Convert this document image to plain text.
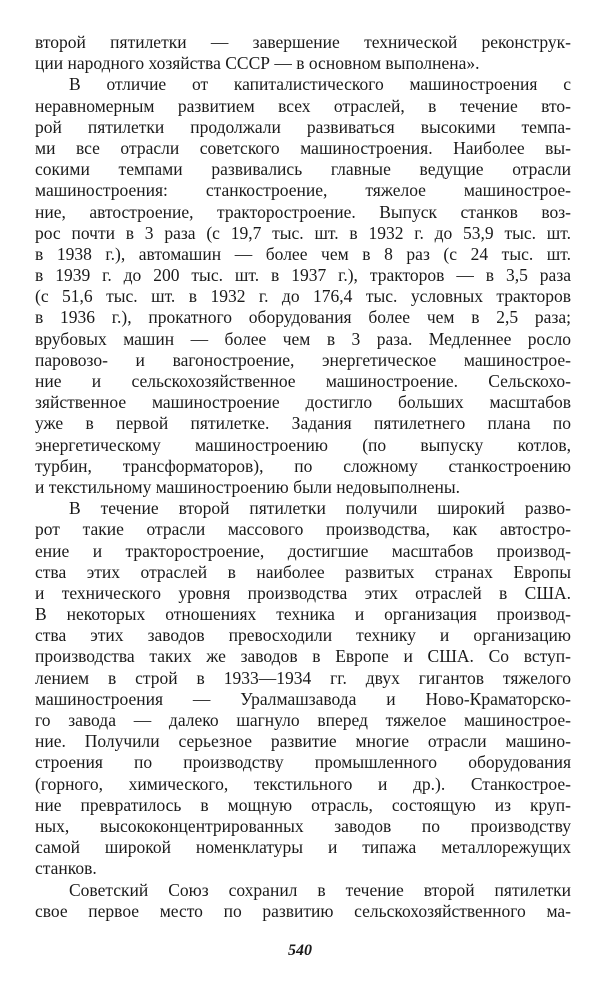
второй пятилетки — завершение технической реконструк-
ции народного хозяйства СССР — в основном выполнена».
В отличие от капиталистического машиностроения с
неравномерным развитием всех отраслей, в течение вто-
рой пятилетки продолжали развиваться высокими темпа-
ми все отрасли советского машиностроения. Наиболее вы-
сокими темпами развивались главные ведущие отрасли
машиностроения: станкостроение, тяжелое машинострое-
ние, автостроение, тракторостроение. Выпуск станков воз-
рос почти в 3 раза (с 19,7 тыс. шт. в 1932 г. до 53,9 тыс. шт.
в 1938 г.), автомашин — более чем в 8 раз (с 24 тыс. шт.
в 1939 г. до 200 тыс. шт. в 1937 г.), тракторов — в 3,5 раза
(с 51,6 тыс. шт. в 1932 г. до 176,4 тыс. условных тракторов
в 1936 г.), прокатного оборудования более чем в 2,5 раза;
врубовых машин — более чем в 3 раза. Медленнее росло
паровозо- и вагоностроение, энергетическое машинострое-
ние и сельскохозяйственное машиностроение. Сельскохо-
зяйственное машиностроение достигло больших масштабов
уже в первой пятилетке. Задания пятилетнего плана по
энергетическому машиностроению (по выпуску котлов,
турбин, трансформаторов), по сложному станкостроению
и текстильному машиностроению были недовыполнены.
В течение второй пятилетки получили широкий разво-
рот такие отрасли массового производства, как автостро-
ение и тракторостроение, достигшие масштабов производ-
ства этих отраслей в наиболее развитых странах Европы
и технического уровня производства этих отраслей в США.
В некоторых отношениях техника и организация производ-
ства этих заводов превосходили технику и организацию
производства таких же заводов в Европе и США. Со вступ-
лением в строй в 1933—1934 гг. двух гигантов тяжелого
машиностроения — Уралмашзавода и Ново-Краматорско-
го завода — далеко шагнуло вперед тяжелое машинострое-
ние. Получили серьезное развитие многие отрасли машино-
строения по производству промышленного оборудования
(горного, химического, текстильного и др.). Станкострое-
ние превратилось в мощную отрасль, состоящую из круп-
ных, высококонцентрированных заводов по производству
самой широкой номенклатуры и типажа металлорежущих
станков.
Советский Союз сохранил в течение второй пятилетки
свое первое место по развитию сельскохозяйственного ма-
540
